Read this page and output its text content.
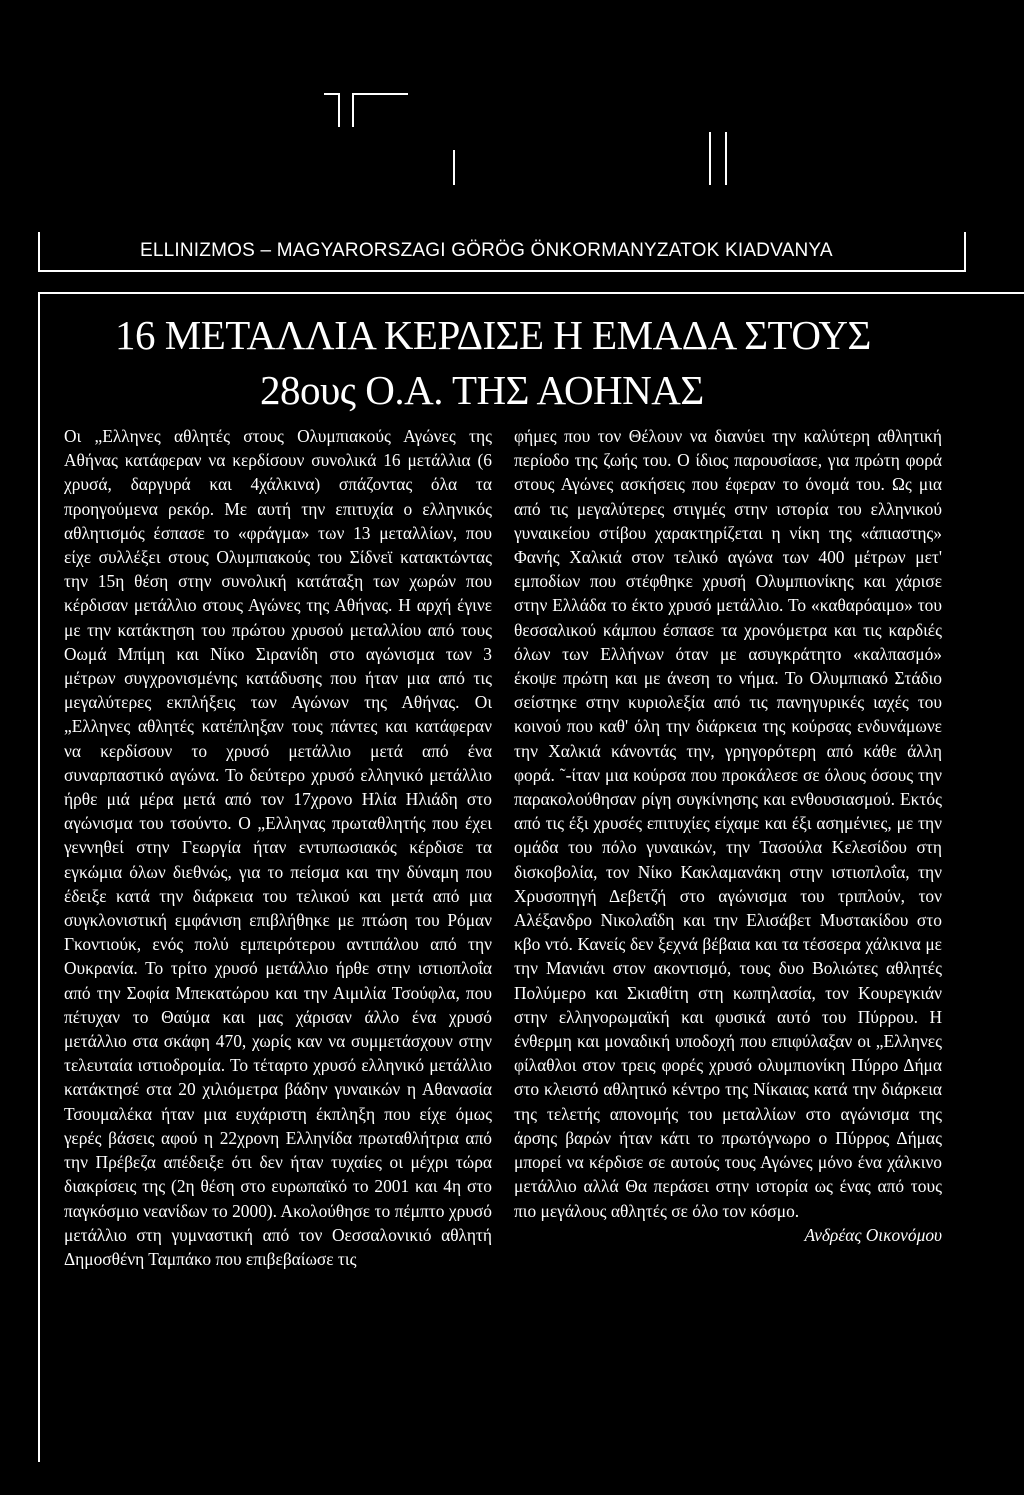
ELLINIZMOS – MAGYARORSZAGI GÖRÖG ÖNKORMANYZATOK KIADVANYA
16 ΜΕΤΑΛΛΙΑ ΚΕΡΔΙΣΕ Η ΕΜΑΔΑ ΣΤΟΥΣ
28ους Ο.Α. ΤΗΣ ΑΟΗΝΑΣ

Οι „Ελληνες αθλητές στους Ολυμπιακούς Αγώνες της Αθήνας κατάφεραν να κερδίσουν συνολικά 16 μετάλλια (6 χρυσά, δαργυρά και 4χάλκινα) σπάζοντας όλα τα προηγούμενα ρεκόρ. Με αυτή την επιτυχία ο ελληνικός αθλητισμός έσπασε το «φράγμα» των 13 μεταλλίων, που είχε συλλέξει στους Ολυμπιακούς του Σίδνεϊ κατακτώντας την 15η θέση στην συνολική κατάταξη των χωρών που κέρδισαν μετάλλιο στους Αγώνες της Αθήνας. Η αρχή έγινε με την κατάκτηση του πρώτου χρυσού μεταλλίου από τους Οωμά Μπίμη και Νίκο Σιρανίδη στο αγώνισμα των 3 μέτρων συγχρονισμένης κατάδυσης που ήταν μια από τις μεγαλύτερες εκπλήξεις των Αγώνων της Αθήνας. Οι „Ελληνες αθλητές κατέπληξαν τους πάντες και κατάφεραν να κερδίσουν το χρυσό μετάλλιο μετά από ένα συναρπαστικό αγώνα. Το δεύτερο χρυσό ελληνικό μετάλλιο ήρθε μιά μέρα μετά από τον 17χρονο Ηλία Ηλιάδη στο αγώνισμα του τσούντο. Ο „Ελληνας πρωταθλητής που έχει γεννηθεί στην Γεωργία ήταν εντυπωσιακός κέρδισε τα εγκώμια όλων διεθνώς, για το πείσμα και την δύναμη που έδειξε κατά την διάρκεια του τελικού και μετά από μια συγκλονιστική εμφάνιση επιβλήθηκε με πτώση του Ρόμαν Γκοντιούκ, ενός πολύ εμπειρότερου αντιπάλου από την Ουκρανία. Το τρίτο χρυσό μετάλλιο ήρθε στην ιστιοπλοΐα από την Σοφία Μπεκατώρου και την Αιμιλία Τσούφλα, που πέτυχαν το Θαύμα και μας χάρισαν άλλο ένα χρυσό μετάλλιο στα σκάφη 470, χωρίς καν να συμμετάσχουν στην τελευταία ιστιοδρομία. Το τέταρτο χρυσό ελληνικό μετάλλιο κατάκτησέ στα 20 χιλιόμετρα βάδην γυναικών η Αθανασία Τσουμαλέκα ήταν μια ευχάριστη έκπληξη που είχε όμως γερές βάσεις αφού η 22χρονη Ελληνίδα πρωταθλήτρια από την Πρέβεζα απέδειξε ότι δεν ήταν τυχαίες οι μέχρι τώρα διακρίσεις της (2η θέση στο ευρωπαϊκό το 2001 και 4η στο παγκόσμιο νεανίδων το 2000). Ακολούθησε το πέμπτο χρυσό μετάλλιο στη γυμναστική από τον Οεσσαλονικιό αθλητή Δημοσθένη Ταμπάκο που επιβεβαίωσε τις

φήμες που τον Θέλουν να διανύει την καλύτερη αθλητική περίοδο της ζωής του. Ο ίδιος παρουσίασε, για πρώτη φορά στους Αγώνες ασκήσεις που έφεραν το όνομά του. Ως μια από τις μεγαλύτερες στιγμές στην ιστορία του ελληνικού γυναικείου στίβου χαρακτηρίζεται η νίκη της «άπιαστης» Φανής Χαλκιά στον τελικό αγώνα των 400 μέτρων μετ' εμποδίων που στέφθηκε χρυσή Ολυμπιονίκης και χάρισε στην Ελλάδα το έκτο χρυσό μετάλλιο. Το «καθαρόαιμο» του θεσσαλικού κάμπου έσπασε τα χρονόμετρα και τις καρδιές όλων των Ελλήνων όταν με ασυγκράτητο «καλπασμό» έκοψε πρώτη και με άνεση το νήμα. Το Ολυμπιακό Στάδιο σείστηκε στην κυριολεξία από τις πανηγυρικές ιαχές του κοινού που καθ' όλη την διάρκεια της κούρσας ενδυνάμωνε την Χαλκιά κάνοντάς την, γρηγορότερη από κάθε άλλη φορά. ˜-ίταν μια κούρσα που προκάλεσε σε όλους όσους την παρακολούθησαν ρίγη συγκίνησης και ενθουσιασμού. Εκτός από τις έξι χρυσές επιτυχίες είχαμε και έξι ασημένιες, με την ομάδα του πόλο γυναικών, την Τασούλα Κελεσίδου στη δισκοβολία, τον Νίκο Κακλαμανάκη στην ιστιοπλοΐα, την Χρυσοπηγή Δεβετζή στο αγώνισμα του τριπλούν, τον Αλέξανδρο Νικολαΐδη και την Ελισάβετ Μυστακίδου στο κβο ντό. Κανείς δεν ξεχνά βέβαια και τα τέσσερα χάλκινα με την Μανιάνι στον ακοντισμό, τους δυο Βολιώτες αθλητές Πολύμερο και Σκιαθίτη στη κωπηλασία, τον Κουρεγκιάν στην ελληνορωμαϊκή και φυσικά αυτό του Πύρρου. Η ένθερμη και μοναδική υποδοχή που επιφύλαξαν οι „Ελληνες φίλαθλοι στον τρεις φορές χρυσό ολυμπιονίκη Πύρρο Δήμα στο κλειστό αθλητικό κέντρο της Νίκαιας κατά την διάρκεια της τελετής απονομής του μεταλλίων στο αγώνισμα της άρσης βαρών ήταν κάτι το πρωτόγνωρο ο Πύρρος Δήμας μπορεί να κέρδισε σε αυτούς τους Αγώνες μόνο ένα χάλκινο μετάλλιο αλλά Θα περάσει στην ιστορία ως ένας από τους πιο μεγάλους αθλητές σε όλο τον κόσμο.

Ανδρέας Οικονόμου
